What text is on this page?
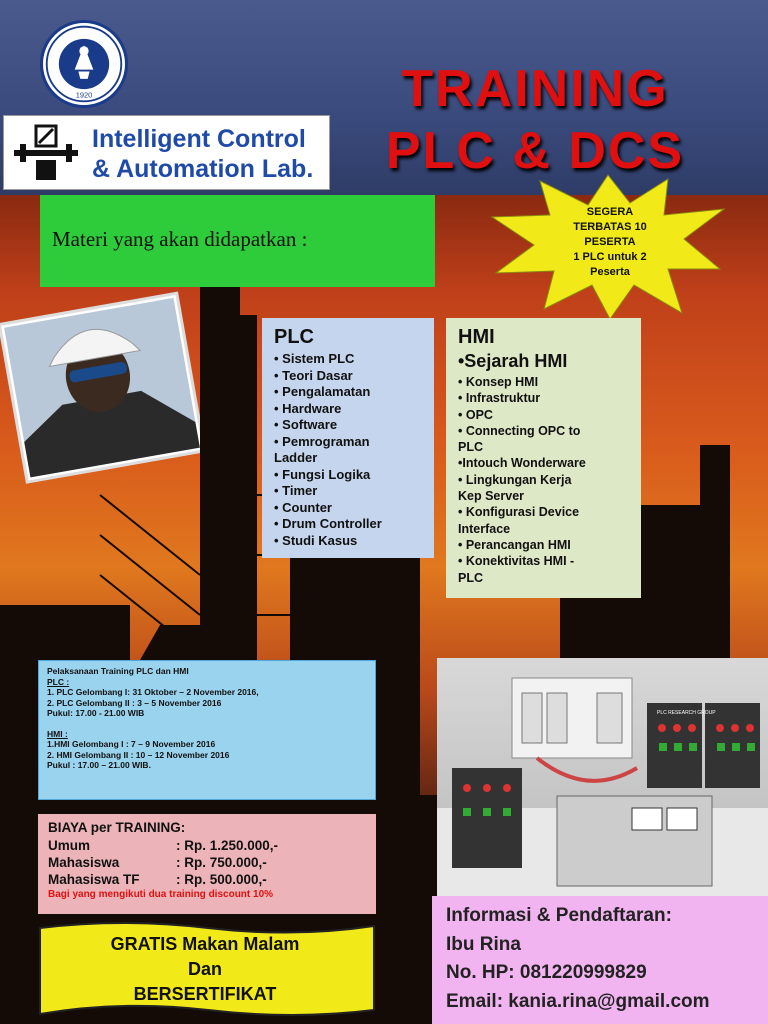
1920
Intelligent Control
& Automation Lab.
TRAINING
PLC & DCS
Materi yang akan didapatkan :
SEGERA
TERBATAS 10
PESERTA
1 PLC untuk 2
Peserta
PLC
• Sistem PLC
• Teori Dasar
• Pengalamatan
• Hardware
• Software
• Pemrograman
Ladder
• Fungsi Logika
• Timer
• Counter
• Drum Controller
• Studi Kasus
HMI
•Sejarah HMI
• Konsep HMI
• Infrastruktur
• OPC
• Connecting OPC to
PLC
•Intouch Wonderware
• Lingkungan Kerja
Kep Server
• Konfigurasi Device
Interface
• Perancangan HMI
• Konektivitas HMI -
PLC
Pelaksanaan Training PLC dan HMI
PLC :
1. PLC Gelombang I: 31 Oktober – 2 November 2016,
2. PLC Gelombang II : 3 – 5 November 2016
Pukul: 17.00 - 21.00 WIB
HMI :
1.HMI Gelombang I : 7 – 9 November 2016
2. HMI Gelombang II : 10 – 12 November 2016
Pukul : 17.00 – 21.00 WIB.
PLC RESEARCH GROUP
BIAYA per TRAINING:
Umum	: Rp. 1.250.000,-
Mahasiswa	: Rp. 750.000,-
Mahasiswa TF	: Rp. 500.000,-
Bagi yang mengikuti dua training discount 10%
GRATIS Makan Malam
Dan
BERSERTIFIKAT
Informasi & Pendaftaran:
Ibu Rina
No. HP: 081220999829
Email: kania.rina@gmail.com
